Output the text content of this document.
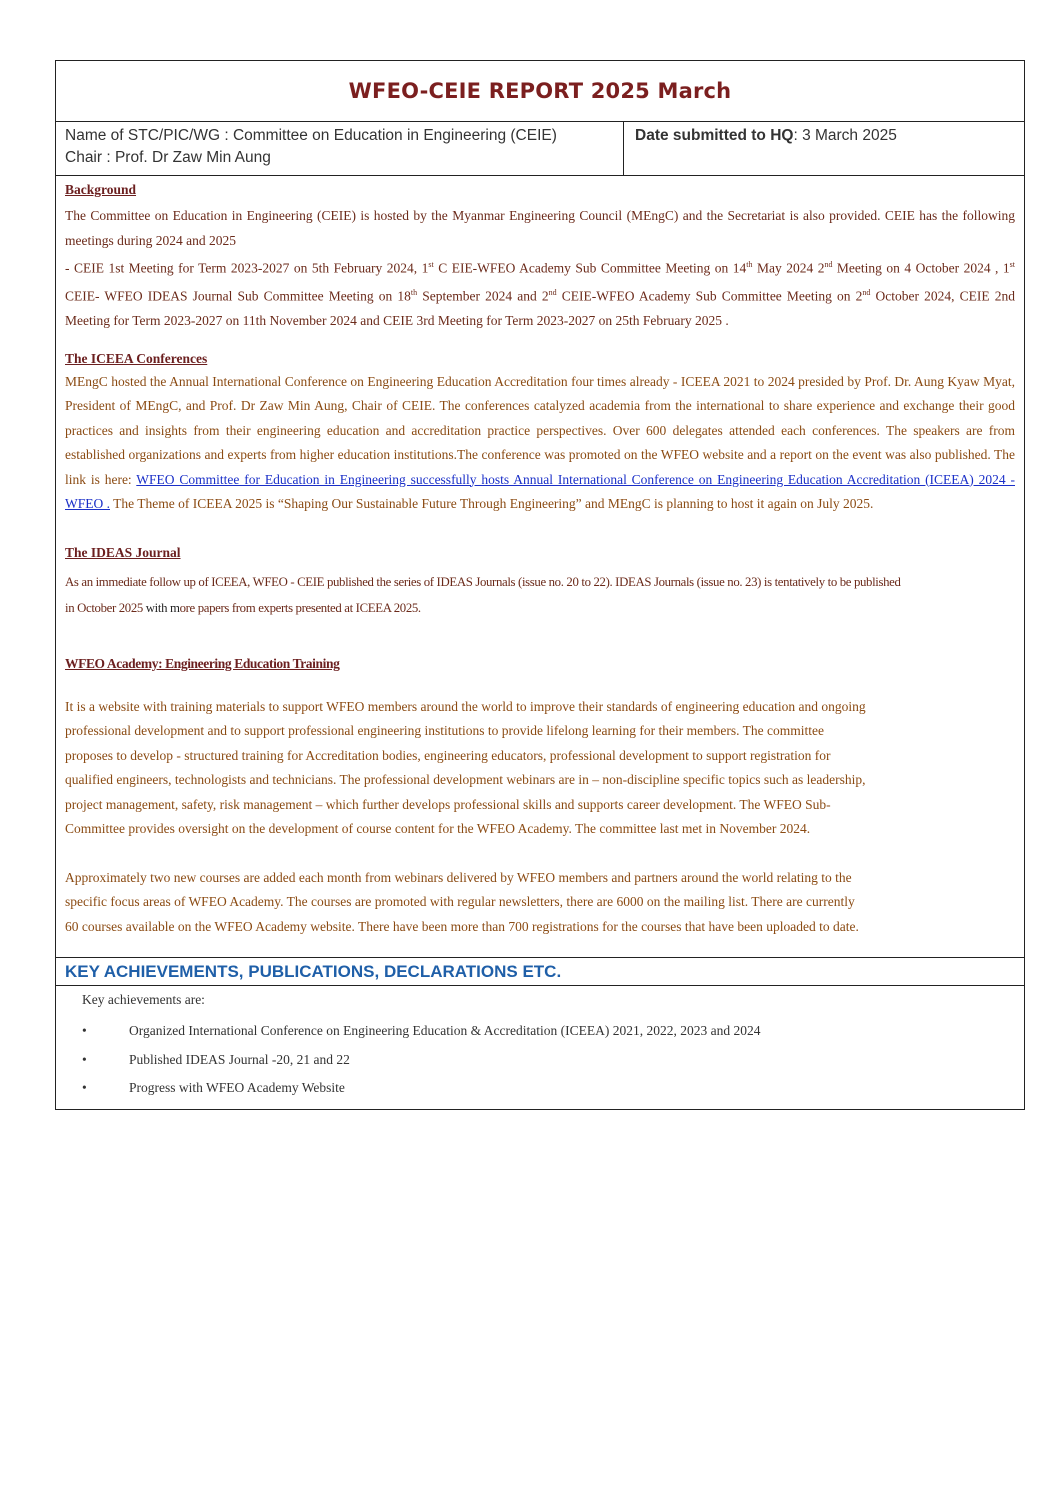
WFEO-CEIE REPORT 2025 March
Name of STC/PIC/WG : Committee on Education in Engineering (CEIE)
Chair : Prof. Dr Zaw Min Aung
Date submitted to HQ: 3 March 2025
Background

The Committee on Education in Engineering (CEIE) is hosted by the Myanmar Engineering Council (MEngC) and the Secretariat is also provided. CEIE has the following meetings during 2024 and 2025

- CEIE 1st Meeting for Term 2023-2027 on 5th February 2024, 1st C EIE-WFEO Academy Sub Committee Meeting on 14th May 2024 2nd Meeting on 4 October 2024 , 1st CEIE- WFEO IDEAS Journal Sub Committee Meeting on 18th September 2024 and 2nd CEIE-WFEO Academy Sub Committee Meeting on 2nd October 2024, CEIE 2nd Meeting for Term 2023-2027 on 11th November 2024 and CEIE 3rd Meeting for Term 2023-2027 on 25th February 2025 .

The ICEEA Conferences

MEngC hosted the Annual International Conference on Engineering Education Accreditation four times already - ICEEA 2021 to 2024 presided by Prof. Dr. Aung Kyaw Myat, President of MEngC, and Prof. Dr Zaw Min Aung, Chair of CEIE. The conferences catalyzed academia from the international to share experience and exchange their good practices and insights from their engineering education and accreditation practice perspectives. Over 600 delegates attended each conferences. The speakers are from established organizations and experts from higher education institutions.The conference was promoted on the WFEO website and a report on the event was also published. The link is here: WFEO Committee for Education in Engineering successfully hosts Annual International Conference on Engineering Education Accreditation (ICEEA) 2024 - WFEO . The Theme of ICEEA 2025 is “Shaping Our Sustainable Future Through Engineering” and MEngC is planning to host it again on July 2025.

The IDEAS Journal

As an immediate follow up of ICEEA, WFEO - CEIE published the series of IDEAS Journals (issue no. 20 to 22). IDEAS Journals (issue no. 23) is tentatively to be published

in October 2025 with more papers from experts presented at ICEEA 2025.

WFEO Academy: Engineering Education Training

It is a website with training materials to support WFEO members around the world to improve their standards of engineering education and ongoing

professional development and to support professional engineering institutions to provide lifelong learning for their members. The committee

proposes to develop - structured training for Accreditation bodies, engineering educators, professional development to support registration for

qualified engineers, technologists and technicians. The professional development webinars are in – non-discipline specific topics such as leadership,

project management, safety, risk management – which further develops professional skills and supports career development. The WFEO Sub-

Committee provides oversight on the development of course content for the WFEO Academy. The committee last met in November 2024.

Approximately two new courses are added each month from webinars delivered by WFEO members and partners around the world relating to the

specific focus areas of WFEO Academy. The courses are promoted with regular newsletters, there are 6000 on the mailing list. There are currently

60 courses available on the WFEO Academy website. There have been more than 700 registrations for the courses that have been uploaded to date.

KEY ACHIEVEMENTS, PUBLICATIONS, DECLARATIONS ETC.

Key achievements are:

•	Organized International Conference on Engineering Education & Accreditation (ICEEA) 2021, 2022, 2023 and 2024
•	Published IDEAS Journal -20, 21 and 22
•	Progress with WFEO Academy Website
